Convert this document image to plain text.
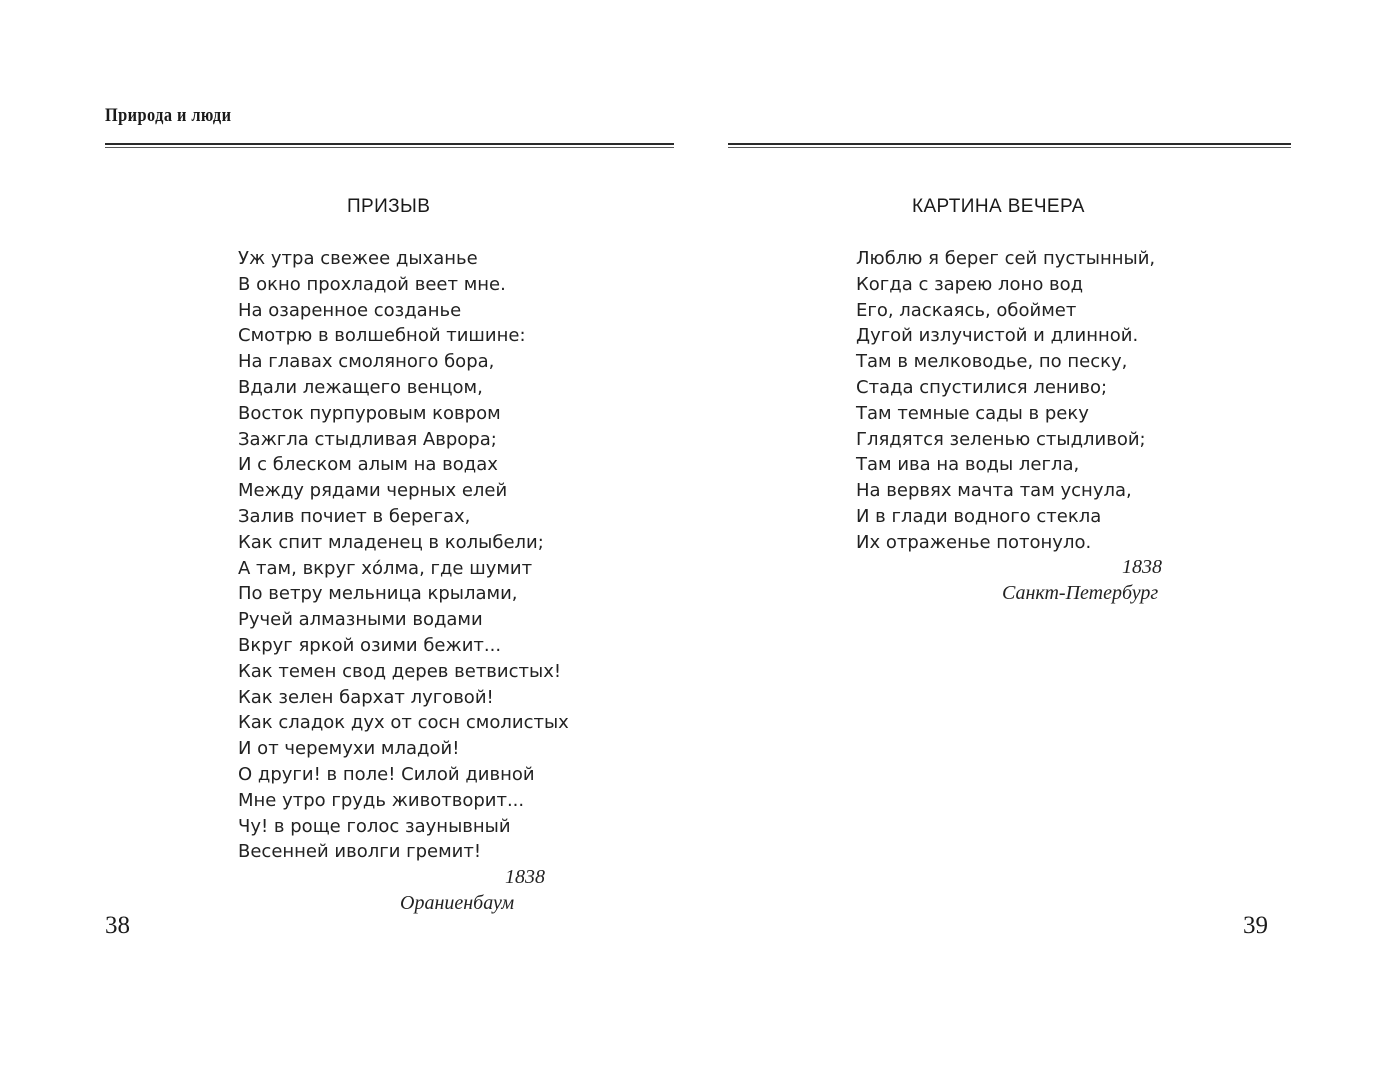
Природа и люди
ПРИЗЫВ
Уж утра свежее дыханье
В окно прохладой веет мне.
На озаренное созданье
Смотрю в волшебной тишине:
На главах смоляного бора,
Вдали лежащего венцом,
Восток пурпуровым ковром
Зажгла стыдливая Аврора;
И с блеском алым на водах
Между рядами черных елей
Залив почиет в берегах,
Как спит младенец в колыбели;
А там, вкруг хо́лма, где шумит
По ветру мельница крылами,
Ручей алмазными водами
Вкруг яркой озими бежит...
Как темен свод дерев ветвистых!
Как зелен бархат луговой!
Как сладок дух от сосн смолистых
И от черемухи младой!
О други! в поле! Силой дивной
Мне утро грудь животворит...
Чу! в роще голос заунывный
Весенней иволги гремит!
1838
Ораниенбаум
38
КАРТИНА ВЕЧЕРА
Люблю я берег сей пустынный,
Когда с зарею лоно вод
Его, ласкаясь, обоймет
Дугой излучистой и длинной.
Там в мелководье, по песку,
Стада спустилися лениво;
Там темные сады в реку
Глядятся зеленью стыдливой;
Там ива на воды легла,
На вервях мачта там уснула,
И в глади водного стекла
Их отраженье потонуло.
1838
Санкт-Петербург
39
